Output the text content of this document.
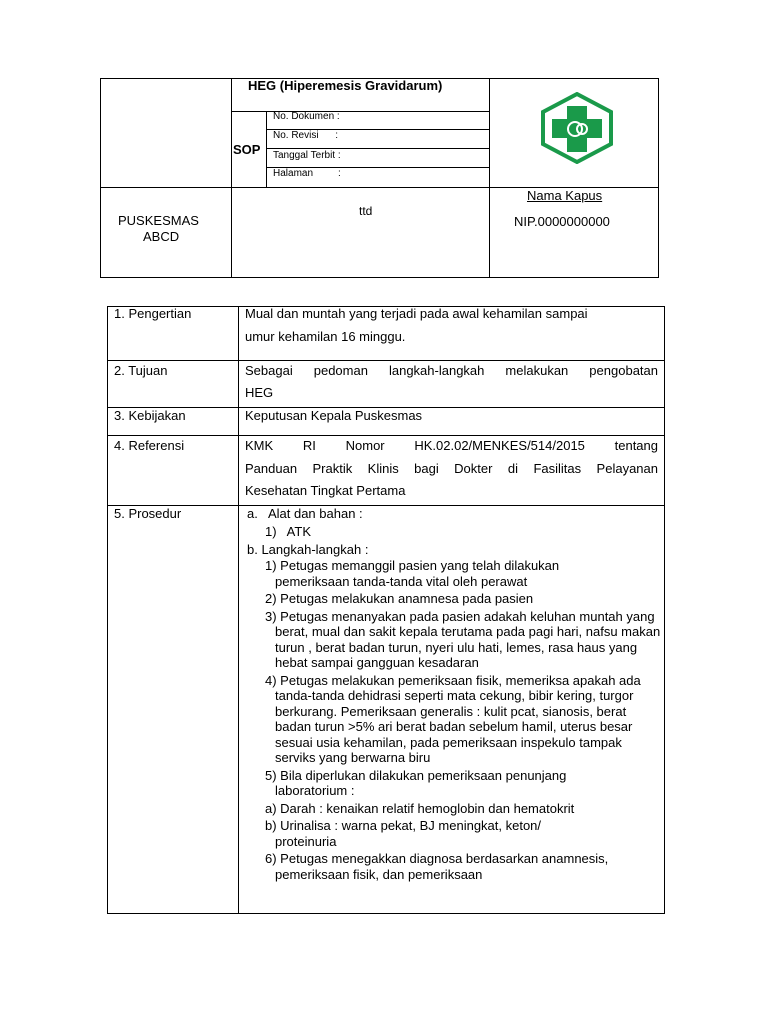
HEG (Hiperemesis Gravidarum)
SOP
No. Dokumen :
No. Revisi      :
Tanggal Terbit :
Halaman         :
PUSKESMAS
ABCD
ttd
Nama Kapus
NIP.0000000000
1. Pengertian
2. Tujuan
3. Kebijakan
4. Referensi
5. Prosedur
Mual dan muntah yang terjadi pada awal kehamilan sampai
umur kehamilan 16 minggu.
Sebagai pedoman langkah-langkah melakukan pengobatan
HEG
Keputusan Kepala Puskesmas
KMK RI Nomor HK.02.02/MENKES/514/2015 tentang
Panduan Praktik Klinis bagi Dokter di Fasilitas Pelayanan
Kesehatan Tingkat Pertama
a.   Alat dan bahan :
1)   ATK
b. Langkah-langkah :

1) Petugas memanggil pasien yang telah dilakukan pemeriksaan tanda-tanda vital oleh perawat

2) Petugas melakukan anamnesa pada pasien

3) Petugas menanyakan pada pasien adakah keluhan muntah yang berat, mual dan sakit kepala terutama pada pagi hari, nafsu makan turun , berat badan turun, nyeri ulu hati, lemes, rasa haus yang hebat sampai gangguan kesadaran

4) Petugas melakukan pemeriksaan fisik, memeriksa apakah ada tanda-tanda dehidrasi seperti mata cekung, bibir kering, turgor berkurang. Pemeriksaan generalis : kulit pcat, sianosis, berat badan turun >5% ari berat badan sebelum hamil, uterus besar sesuai usia kehamilan, pada pemeriksaan inspekulo tampak serviks yang berwarna biru

5) Bila diperlukan dilakukan pemeriksaan penunjang laboratorium :

a) Darah : kenaikan relatif hemoglobin dan hematokrit

b) Urinalisa : warna pekat, BJ meningkat, keton/ proteinuria

6) Petugas menegakkan diagnosa berdasarkan anamnesis, pemeriksaan fisik, dan pemeriksaan
